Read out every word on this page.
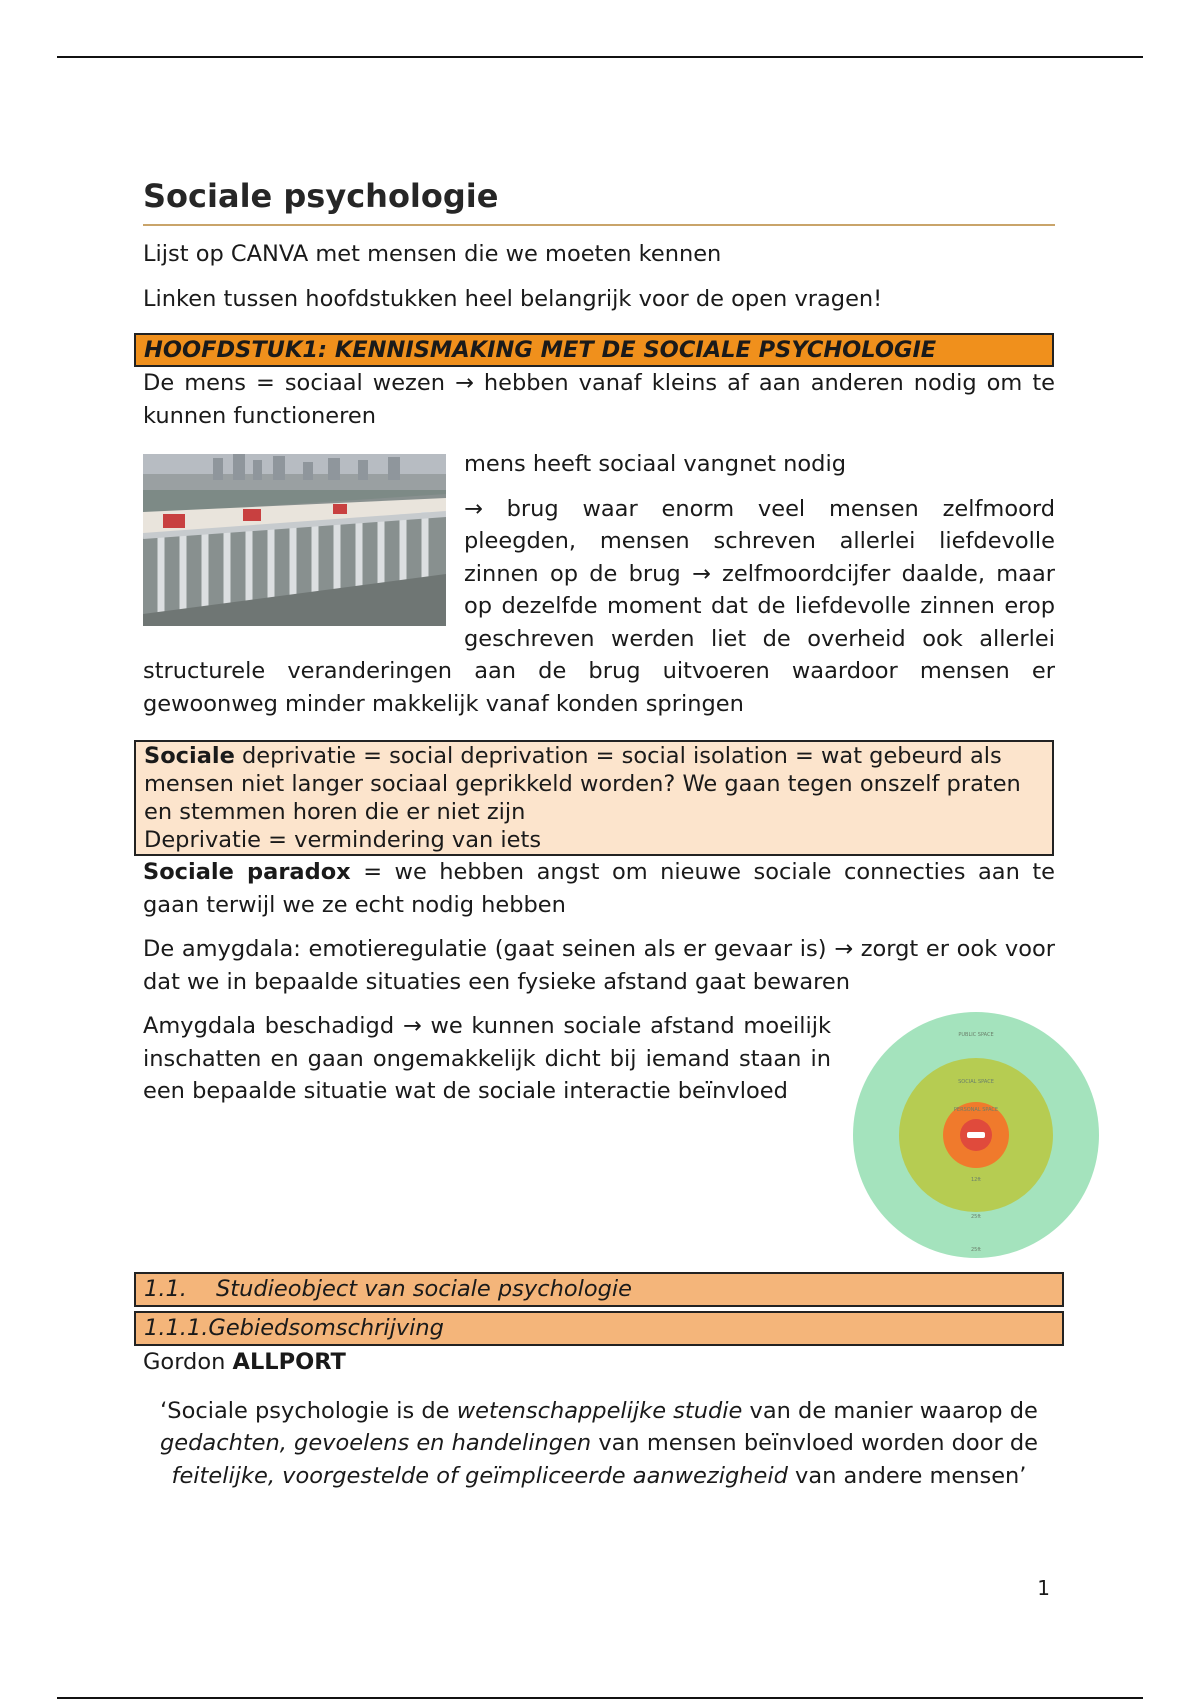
Sociale psychologie

Lijst op CANVA met mensen die we moeten kennen

Linken tussen hoofdstukken heel belangrijk voor de open vragen!

HOOFDSTUK1: KENNISMAKING MET DE SOCIALE PSYCHOLOGIE

De mens = sociaal wezen → hebben vanaf kleins af aan anderen nodig om te kunnen functioneren

mens heeft sociaal vangnet nodig

→ brug waar enorm veel mensen zelfmoord pleegden, mensen schreven allerlei liefdevolle zinnen op de brug → zelfmoordcijfer daalde, maar op dezelfde moment dat de liefdevolle zinnen erop geschreven werden liet de overheid ook allerlei structurele veranderingen aan de brug uitvoeren waardoor mensen er gewoonweg minder makkelijk vanaf konden springen

Sociale deprivatie = social deprivation = social isolation = wat gebeurd als mensen niet langer sociaal geprikkeld worden? We gaan tegen onszelf praten en stemmen horen die er niet zijn
Deprivatie = vermindering van iets

Sociale paradox = we hebben angst om nieuwe sociale connecties aan te gaan terwijl we ze echt nodig hebben

De amygdala: emotieregulatie (gaat seinen als er gevaar is) → zorgt er ook voor dat we in bepaalde situaties een fysieke afstand gaat bewaren

PUBLIC SPACE
SOCIAL SPACE
PERSONAL SPACE
12ft
25ft
25ft

Amygdala beschadigd → we kunnen sociale afstand moeilijk inschatten en gaan ongemakkelijk dicht bij iemand staan in een bepaalde situatie wat de sociale interactie beïnvloed

1.1. Studieobject van sociale psychologie
1.1.1.Gebiedsomschrijving

Gordon ALLPORT

‘Sociale psychologie is de wetenschappelijke studie van de manier waarop de gedachten, gevoelens en handelingen van mensen beïnvloed worden door de feitelijke, voorgestelde of geïmpliceerde aanwezigheid van andere mensen’

1
